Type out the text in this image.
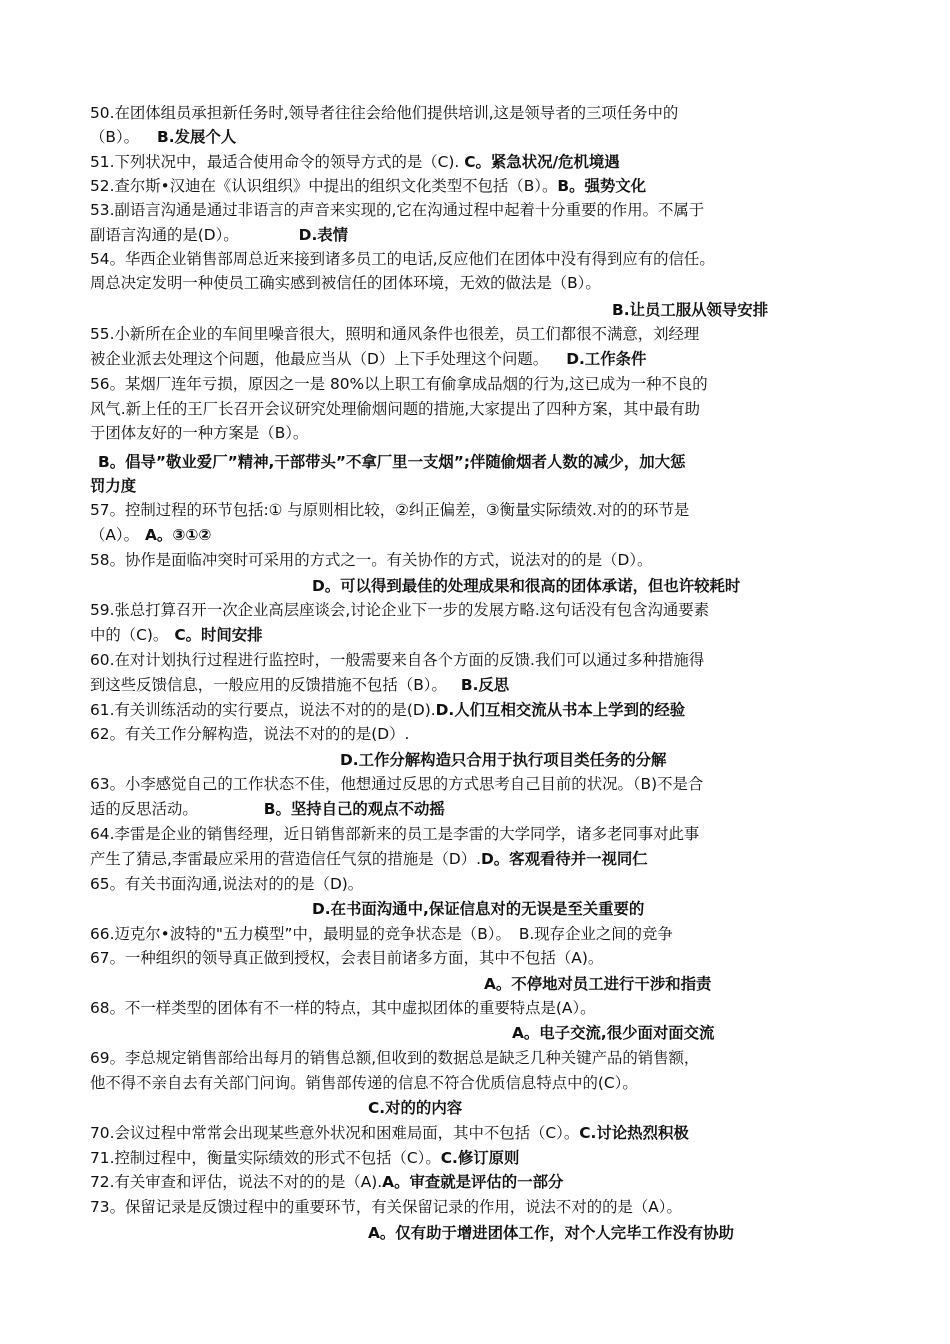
50.在团体组员承担新任务时,领导者往往会给他们提供培训,这是领导者的三项任务中的
（B）。 B.发展个人
51.下列状况中，最适合使用命令的领导方式的是（C). C。紧急状况/危机境遇
52.查尔斯•汉迪在《认识组织》中提出的组织文化类型不包括（B）。B。强势文化
53.副语言沟通是通过非语言的声音来实现的,它在沟通过程中起着十分重要的作用。不属于
副语言沟通的是(D）。	D.表情
54。华西企业销售部周总近来接到诸多员工的电话,反应他们在团体中没有得到应有的信任。
周总决定发明一种使员工确实感到被信任的团体环境，无效的做法是（B）。
B.让员工服从领导安排
55.小新所在企业的车间里噪音很大，照明和通风条件也很差，员工们都很不满意，刘经理
被企业派去处理这个问题，他最应当从（D）上下手处理这个问题。 D.工作条件
56。某烟厂连年亏损，原因之一是 80%以上职工有偷拿成品烟的行为,这已成为一种不良的
风气.新上任的王厂长召开会议研究处理偷烟问题的措施,大家提出了四种方案，其中最有助
于团体友好的一种方案是（B）。
B。倡导”敬业爱厂”精神,干部带头”不拿厂里一支烟”;伴随偷烟者人数的减少，加大惩
罚力度
57。控制过程的环节包括:① 与原则相比较，②纠正偏差，③衡量实际绩效.对的的环节是
（A）。 A。③①②
58。协作是面临冲突时可采用的方式之一。有关协作的方式，说法对的的是（D）。
D。可以得到最佳的处理成果和很高的团体承诺，但也许较耗时
59.张总打算召开一次企业高层座谈会,讨论企业下一步的发展方略.这句话没有包含沟通要素
中的（C)。 C。时间安排
60.在对计划执行过程进行监控时，一般需要来自各个方面的反馈.我们可以通过多种措施得
到这些反馈信息，一般应用的反馈措施不包括（B）。 B.反思
61.有关训练活动的实行要点，说法不对的的是(D).D.人们互相交流从书本上学到的经验
62。有关工作分解构造，说法不对的的是(D）.
D.工作分解构造只合用于执行项目类任务的分解
63。小李感觉自己的工作状态不佳，他想通过反思的方式思考自己目前的状况。（B)不是合
适的反思活动。	B。坚持自己的观点不动摇
64.李雷是企业的销售经理，近日销售部新来的员工是李雷的大学同学，诸多老同事对此事
产生了猜忌,李雷最应采用的营造信任气氛的措施是（D）.D。客观看待并一视同仁
65。有关书面沟通,说法对的的是（D)。
D.在书面沟通中,保证信息对的无误是至关重要的
66.迈克尔•波特的"五力模型”中，最明显的竞争状态是（B）。 B.现存企业之间的竞争
67。一种组织的领导真正做到授权，会表目前诸多方面，其中不包括（A)。
A。不停地对员工进行干涉和指责
68。不一样类型的团体有不一样的特点，其中虚拟团体的重要特点是(A）。
A。电子交流,很少面对面交流
69。李总规定销售部给出每月的销售总额,但收到的数据总是缺乏几种关键产品的销售额，
他不得不亲自去有关部门问询。销售部传递的信息不符合优质信息特点中的(C）。
C.对的的内容
70.会议过程中常常会出现某些意外状况和困难局面，其中不包括（C）。C.讨论热烈积极
71.控制过程中，衡量实际绩效的形式不包括（C）。C.修订原则
72.有关审查和评估，说法不对的的是（A).A。审查就是评估的一部分
73。保留记录是反馈过程中的重要环节，有关保留记录的作用，说法不对的的是（A）。
A。仅有助于增进团体工作，对个人完毕工作没有协助
